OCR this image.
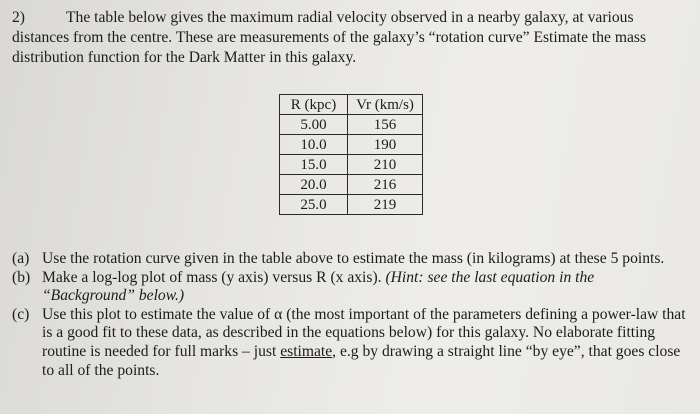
2)	The table below gives the maximum radial velocity observed in a nearby galaxy, at various distances from the centre. These are measurements of the galaxy’s “rotation curve” Estimate the mass distribution function for the Dark Matter in this galaxy.
R (kpc)	Vr (km/s)
5.00	156
10.0	190
15.0	210
20.0	216
25.0	219
(a) Use the rotation curve given in the table above to estimate the mass (in kilograms) at these 5 points.
(b) Make a log-log plot of mass (y axis) versus R (x axis). (Hint: see the last equation in the “Background” below.)
(c) Use this plot to estimate the value of α (the most important of the parameters defining a power-law that is a good fit to these data, as described in the equations below) for this galaxy. No elaborate fitting routine is needed for full marks – just estimate, e.g by drawing a straight line “by eye”, that goes close to all of the points.
